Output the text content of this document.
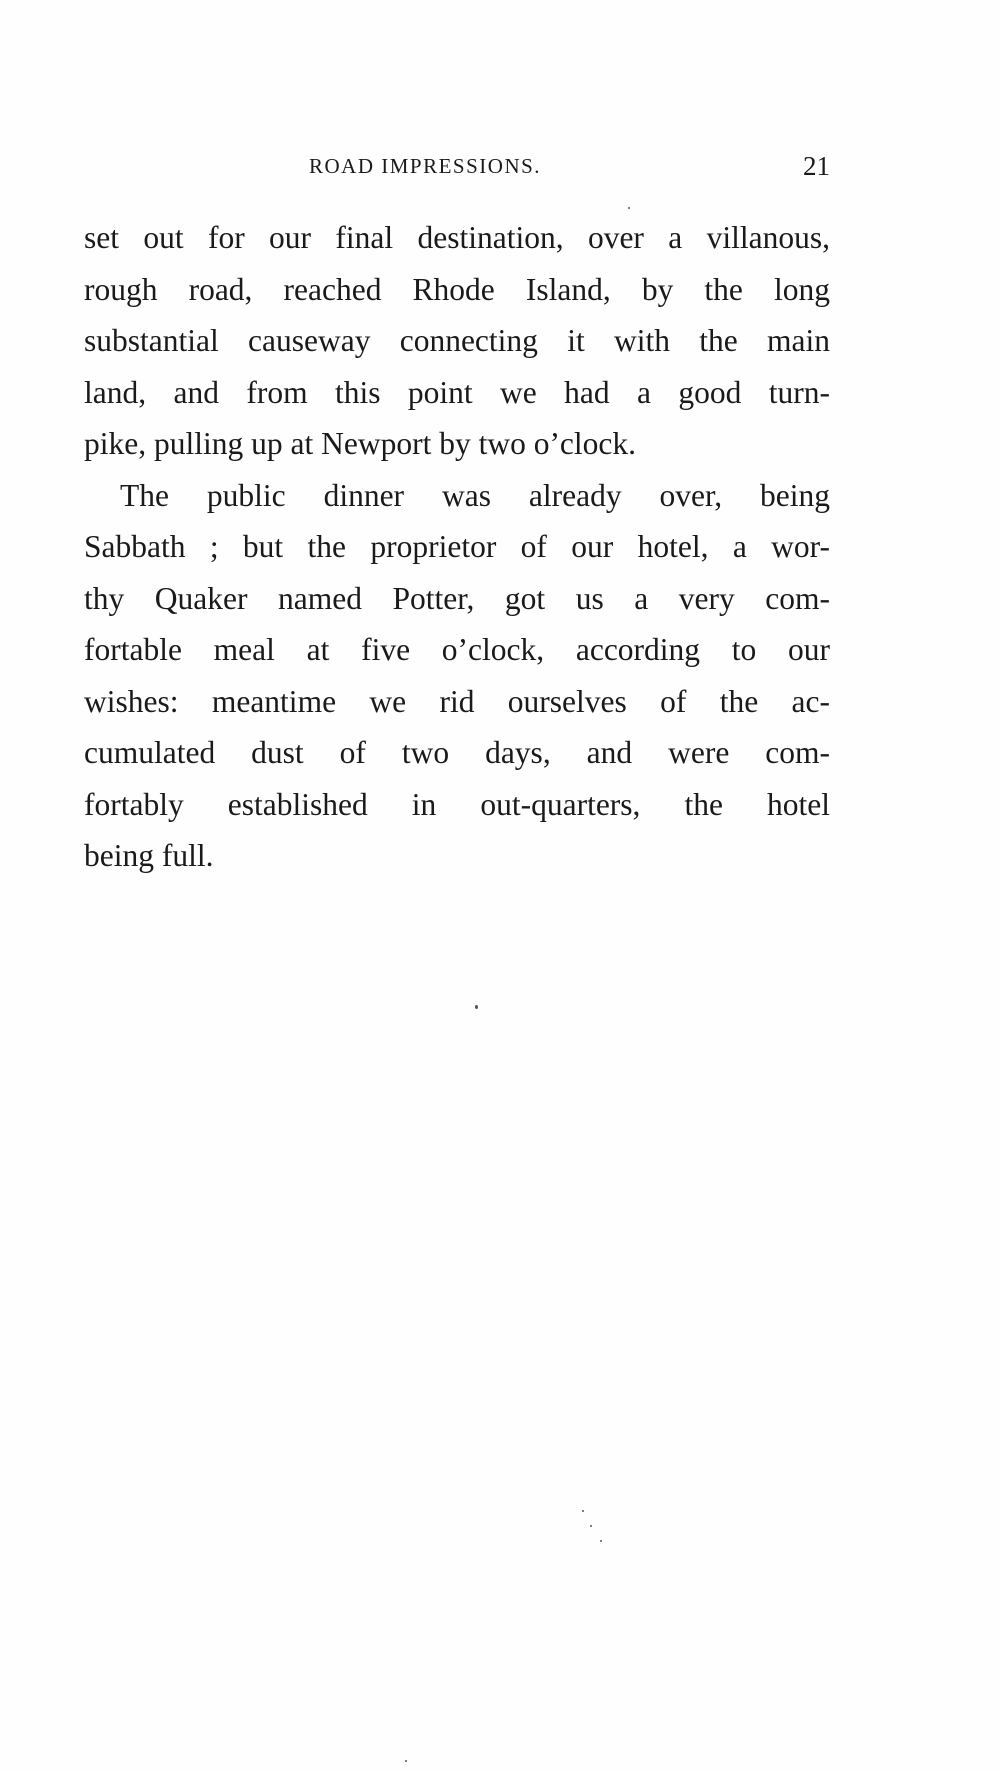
ROAD IMPRESSIONS.	21
set out for our final destination, over a villanous,
rough road, reached Rhode Island, by the long
substantial causeway connecting it with the main
land, and from this point we had a good turn-
pike, pulling up at Newport by two o’clock.
The public dinner was already over, being
Sabbath ; but the proprietor of our hotel, a wor-
thy Quaker named Potter, got us a very com-
fortable meal at five o’clock, according to our
wishes: meantime we rid ourselves of the ac-
cumulated dust of two days, and were com-
fortably established in out-quarters, the hotel
being full.
